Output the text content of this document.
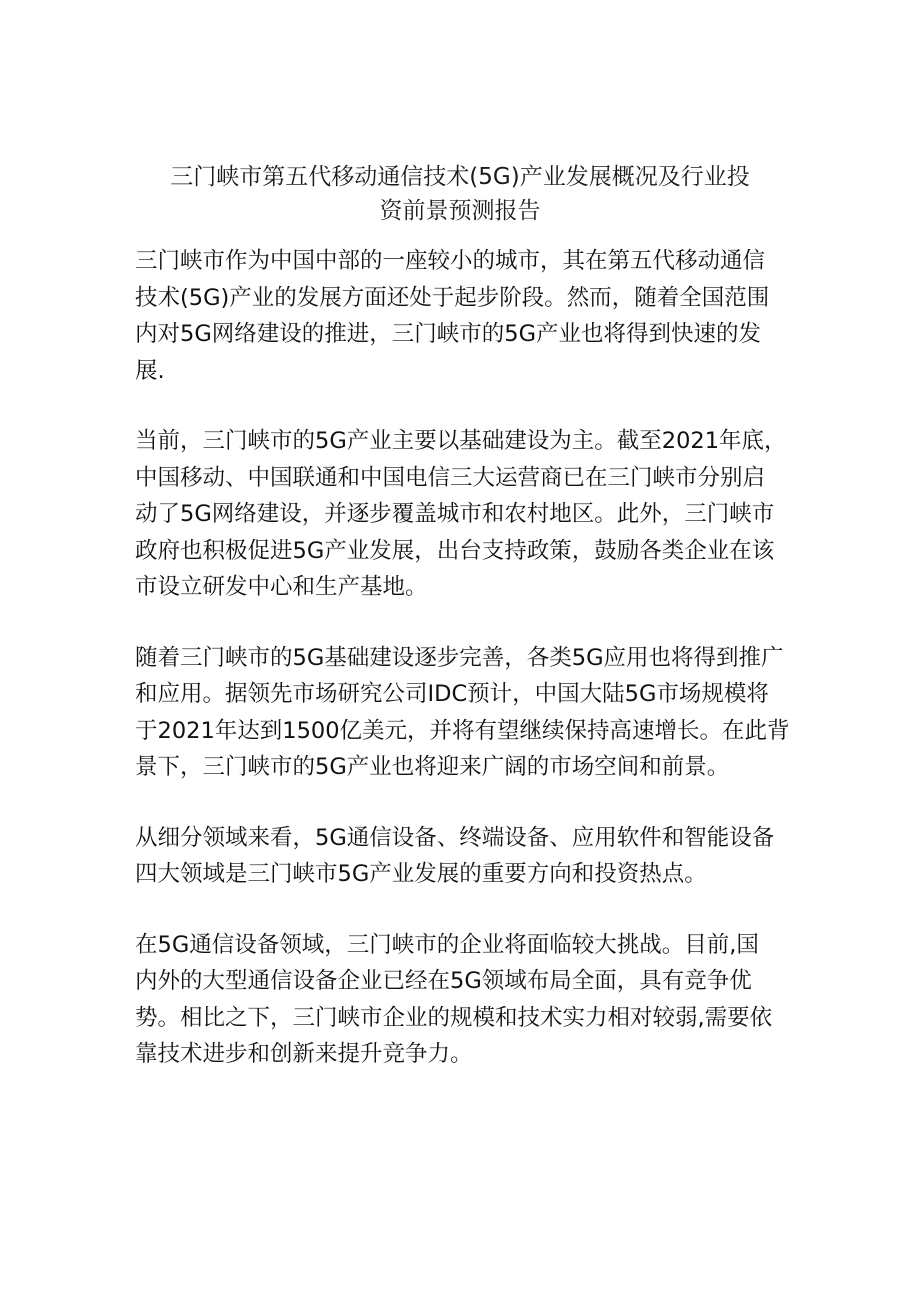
三门峡市第五代移动通信技术(5G)产业发展概况及行业投
资前景预测报告
三门峡市作为中国中部的一座较小的城市，其在第五代移动通信
技术(5G)产业的发展方面还处于起步阶段。然而，随着全国范围
内对5G网络建设的推进，三门峡市的5G产业也将得到快速的发
展.
当前，三门峡市的5G产业主要以基础建设为主。截至2021年底，
中国移动、中国联通和中国电信三大运营商已在三门峡市分别启
动了5G网络建设，并逐步覆盖城市和农村地区。此外，三门峡市
政府也积极促进5G产业发展，出台支持政策，鼓励各类企业在该
市设立研发中心和生产基地。
随着三门峡市的5G基础建设逐步完善，各类5G应用也将得到推广
和应用。据领先市场研究公司IDC预计，中国大陆5G市场规模将
于2021年达到1500亿美元，并将有望继续保持高速增长。在此背
景下，三门峡市的5G产业也将迎来广阔的市场空间和前景。
从细分领域来看，5G通信设备、终端设备、应用软件和智能设备
四大领域是三门峡市5G产业发展的重要方向和投资热点。
在5G通信设备领域，三门峡市的企业将面临较大挑战。目前,国
内外的大型通信设备企业已经在5G领域布局全面，具有竞争优
势。相比之下，三门峡市企业的规模和技术实力相对较弱,需要依
靠技术进步和创新来提升竞争力。
